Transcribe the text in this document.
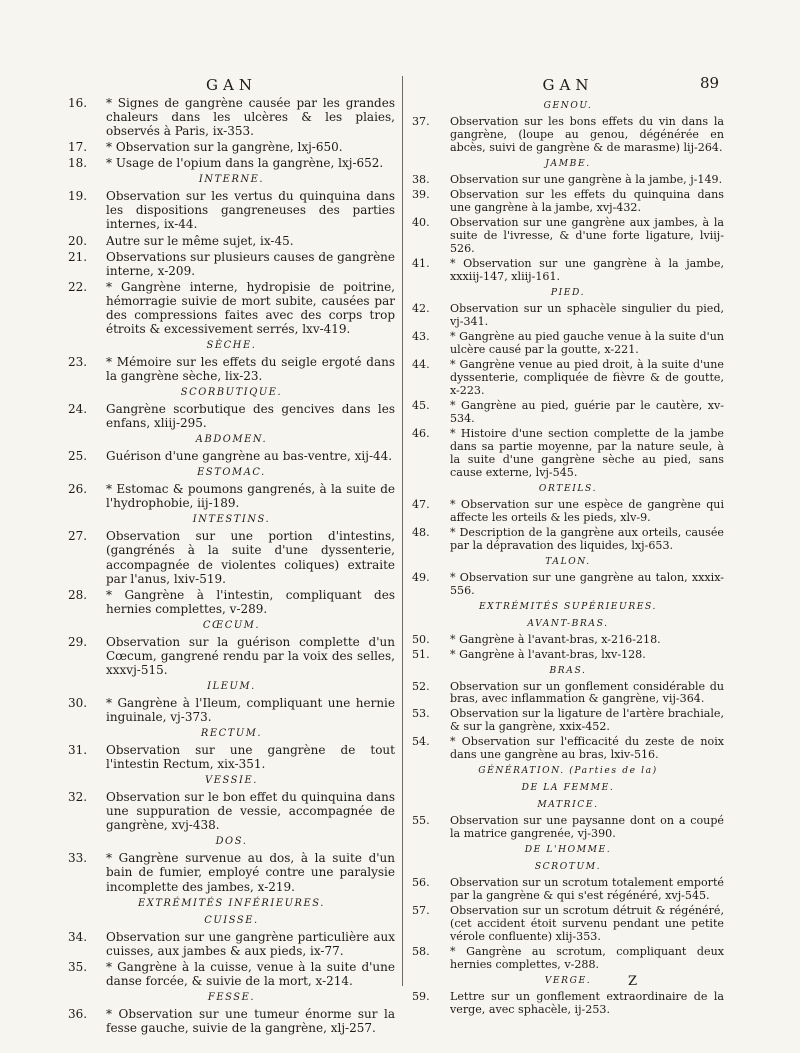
89
GAN
16.	* Signes de gangrène causée par les grandes chaleurs dans les ulcères & les plaies, observés à Paris, ix-353.
17.	* Observation sur la gangrène, lxj-650.
18.	* Usage de l'opium dans la gangrène, lxj-652.
INTERNE.
19.	Observation sur les vertus du quinquina dans les dispositions gangreneuses des parties internes, ix-44.
20.	Autre sur le même sujet, ix-45.
21.	Observations sur plusieurs causes de gangrène interne, x-209.
22.	* Gangrène interne, hydropisie de poitrine, hémorragie suivie de mort subite, causées par des compressions faites avec des corps trop étroits & excessivement serrés, lxv-419.
SÈCHE.
23.	* Mémoire sur les effets du seigle ergoté dans la gangrène sèche, lix-23.
SCORBUTIQUE.
24.	Gangrène scorbutique des gencives dans les enfans, xliij-295.
ABDOMEN.
25.	Guérison d'une gangrène au bas-ventre, xij-44.
ESTOMAC.
26.	* Estomac & poumons gangrenés, à la suite de l'hydrophobie, iij-189.
INTESTINS.
27.	Observation sur une portion d'intestins, (gangrénés à la suite d'une dyssenterie, accompagnée de violentes coliques) extraite par l'anus, lxiv-519.
28.	* Gangrène à l'intestin, compliquant des hernies complettes, v-289.
CŒCUM.
29.	Observation sur la guérison complette d'un Cœcum, gangrené rendu par la voix des selles, xxxvj-515.
ILEUM.
30.	* Gangrène à l'Ileum, compliquant une hernie inguinale, vj-373.
RECTUM.
31.	Observation sur une gangrène de tout l'intestin Rectum, xix-351.
VESSIE.
32.	Observation sur le bon effet du quinquina dans une suppuration de vessie, accompagnée de gangrène, xvj-438.
DOS.
33.	* Gangrène survenue au dos, à la suite d'un bain de fumier, employé contre une paralysie incomplette des jambes, x-219.
EXTRÉMITÉS INFÉRIEURES.
CUISSE.
34.	Observation sur une gangrène particulière aux cuisses, aux jambes & aux pieds, ix-77.
35.	* Gangrène à la cuisse, venue à la suite d'une danse forcée, & suivie de la mort, x-214.
FESSE.
36.	* Observation sur une tumeur énorme sur la fesse gauche, suivie de la gangrène, xlj-257.
GAN
GENOU.
37.	Observation sur les bons effets du vin dans la gangrène, (loupe au genou, dégénérée en abcès, suivi de gangrène & de marasme) lij-264.
JAMBE.
38.	Observation sur une gangrène à la jambe, j-149.
39.	Observation sur les effets du quinquina dans une gangrène à la jambe, xvj-432.
40.	Observation sur une gangrène aux jambes, à la suite de l'ivresse, & d'une forte ligature, lviij-526.
41.	* Observation sur une gangrène à la jambe, xxxiij-147, xliij-161.
PIED.
42.	Observation sur un sphacèle singulier du pied, vj-341.
43.	* Gangrène au pied gauche venue à la suite d'un ulcère causé par la goutte, x-221.
44.	* Gangrène venue au pied droit, à la suite d'une dyssenterie, compliquée de fièvre & de goutte, x-223.
45.	* Gangrène au pied, guérie par le cautère, xv-534.
46.	* Histoire d'une section complette de la jambe dans sa partie moyenne, par la nature seule, à la suite d'une gangrène sèche au pied, sans cause externe, lvj-545.
ORTEILS.
47.	* Observation sur une espèce de gangrène qui affecte les orteils & les pieds, xlv-9.
48.	* Description de la gangrène aux orteils, causée par la dépravation des liquides, lxj-653.
TALON.
49.	* Observation sur une gangrène au talon, xxxix-556.
EXTRÉMITÉS SUPÉRIEURES.
AVANT-BRAS.
50.	* Gangrène à l'avant-bras, x-216-218.
51.	* Gangrène à l'avant-bras, lxv-128.
BRAS.
52.	Observation sur un gonflement considérable du bras, avec inflammation & gangrène, vij-364.
53.	Observation sur la ligature de l'artère brachiale, & sur la gangrène, xxix-452.
54.	* Observation sur l'efficacité du zeste de noix dans une gangrène au bras, lxiv-516.
GÉNÉRATION. (Parties de la)
DE LA FEMME.
MATRICE.
55.	Observation sur une paysanne dont on a coupé la matrice gangrenée, vj-390.
DE L'HOMME.
SCROTUM.
56.	Observation sur un scrotum totalement emporté par la gangrène & qui s'est régénéré, xvj-545.
57.	Observation sur un scrotum détruit & régénéré, (cet accident étoit survenu pendant une petite vérole confluente) xlij-353.
58.	* Gangrène au scrotum, compliquant deux hernies complettes, v-288.
VERGE.
59.	Lettre sur un gonflement extraordinaire de la verge, avec sphacèle, ij-253.
Z
